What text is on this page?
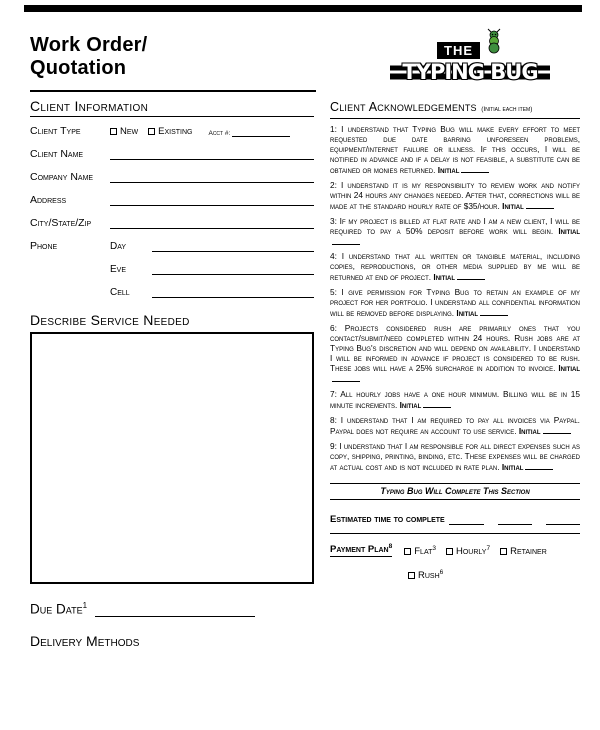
Work Order/
Quotation
THE
TYPING BUG
Client Information
Client Type	New	Existing Acct #:
Client Name
Company Name
Address
City/State/Zip
Phone	Day
Eve
Cell
Describe Service Needed
Due Date$^1$
Delivery Methods
Client Acknowledgements (Initial each item)
1: I understand that Typing Bug will make every effort to meet requested due date barring unforeseen problems, equipment/internet failure or illness. If this occurs, I will be notified in advance and if a delay is not feasible, a substitute can be obtained or monies returned. Initial
2: I understand it is my responsibility to review work and notify within 24 hours any changes needed. After that, corrections will be made at the standard hourly rate of $35/hour. Initial
3: If my project is billed at flat rate and I am a new client, I will be required to pay a 50% deposit before work will begin. Initial
4: I understand that all written or tangible material, including copies, reproductions, or other media supplied by me will be returned at end of project. Initial
5: I give permission for Typing Bug to retain an example of my project for her portfolio. I understand all confidential information will be removed before displaying. Initial
6: Projects considered rush are primarily ones that you contact/submit/need completed within 24 hours. Rush jobs are at Typing Bug's discretion and will depend on availability. I understand I will be informed in advance if project is considered to be rush. These jobs will have a 25% surcharge in addition to invoice. Initial
7: All hourly jobs have a one hour minimum. Billing will be in 15 minute increments. Initial
8: I understand that I am required to pay all invoices via Paypal. Paypal does not require an account to use service. Initial
9: I understand that I am responsible for all direct expenses such as copy, shipping, printing, binding, etc. These expenses will be charged at actual cost and is not included in rate plan. Initial
Typing Bug Will Complete This Section
Estimated time to complete
Payment Plan$^8$	Flat$^3$	Hourly$^7$	Retainer
Rush$^6$
